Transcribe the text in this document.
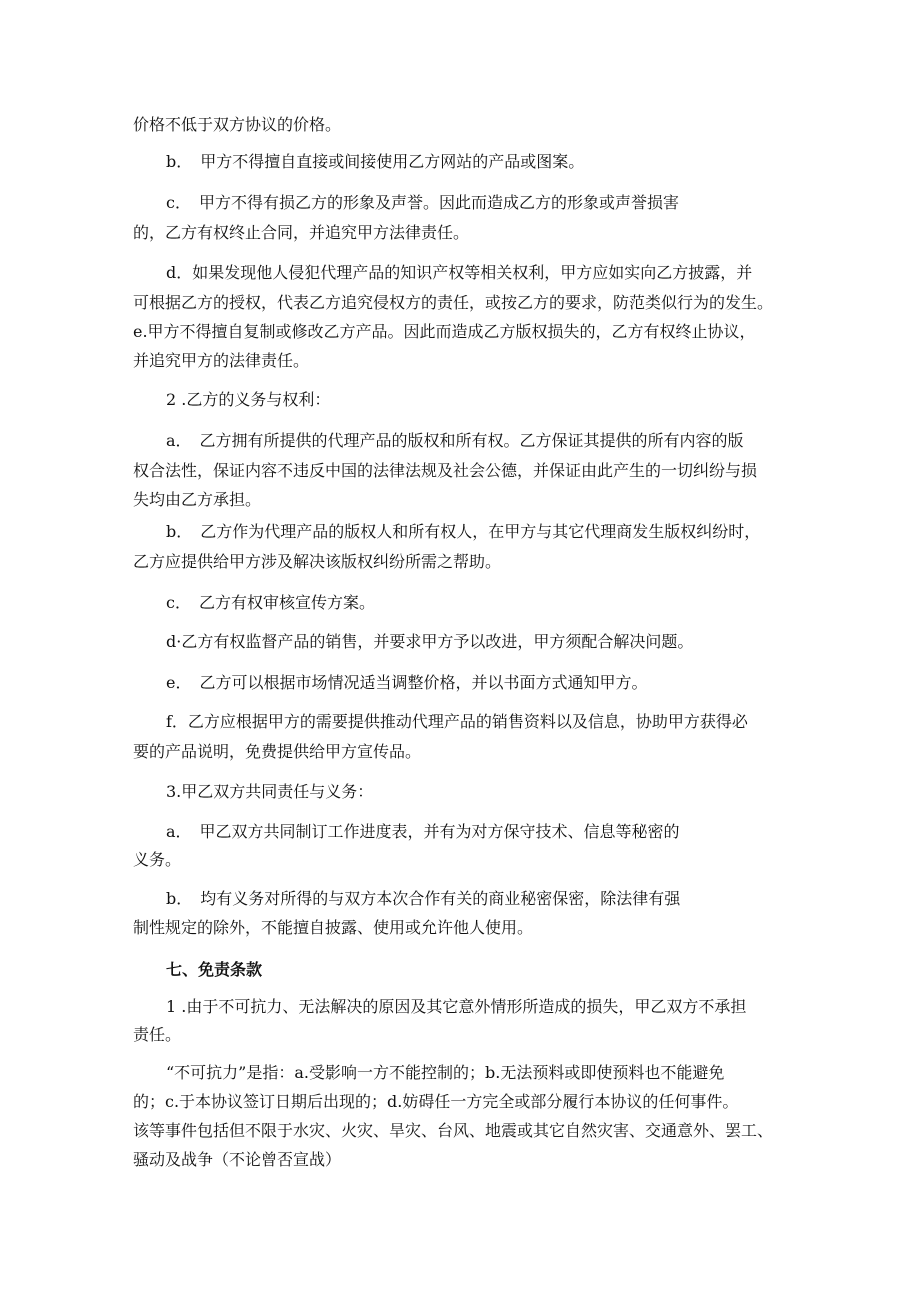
价格不低于双方协议的价格。

b．　甲方不得擅自直接或间接使用乙方网站的产品或图案。

c．　甲方不得有损乙方的形象及声誉。因此而造成乙方的形象或声誉损害

的，乙方有权终止合同，并追究甲方法律责任。

d．如果发现他人侵犯代理产品的知识产权等相关权利，甲方应如实向乙方披露，并

可根据乙方的授权，代表乙方追究侵权方的责任，或按乙方的要求，防范类似行为的发生。

e.甲方不得擅自复制或修改乙方产品。因此而造成乙方版权损失的，乙方有权终止协议，

并追究甲方的法律责任。

2 .乙方的义务与权利：

a．　乙方拥有所提供的代理产品的版权和所有权。乙方保证其提供的所有内容的版

权合法性，保证内容不违反中国的法律法规及社会公德，并保证由此产生的一切纠纷与损

失均由乙方承担。

b．　乙方作为代理产品的版权人和所有权人，在甲方与其它代理商发生版权纠纷时，

乙方应提供给甲方涉及解决该版权纠纷所需之帮助。

c．　乙方有权审核宣传方案。

d·乙方有权监督产品的销售，并要求甲方予以改进，甲方须配合解决问题。

e．　乙方可以根据市场情况适当调整价格，并以书面方式通知甲方。

f．乙方应根据甲方的需要提供推动代理产品的销售资料以及信息，协助甲方获得必

要的产品说明，免费提供给甲方宣传品。

3.甲乙双方共同责任与义务：

a．　甲乙双方共同制订工作进度表，并有为对方保守技术、信息等秘密的

义务。

b．　均有义务对所得的与双方本次合作有关的商业秘密保密，除法律有强

制性规定的除外，不能擅自披露、使用或允许他人使用。

七、免责条款

1 .由于不可抗力、无法解决的原因及其它意外情形所造成的损失，甲乙双方不承担

责任。

“不可抗力”是指：a.受影响一方不能控制的；b.无法预料或即使预料也不能避免

的；c.于本协议签订日期后出现的；d.妨碍任一方完全或部分履行本协议的任何事件。

该等事件包括但不限于水灾、火灾、旱灾、台风、地震或其它自然灾害、交通意外、罢工、

骚动及战争（不论曾否宣战）
